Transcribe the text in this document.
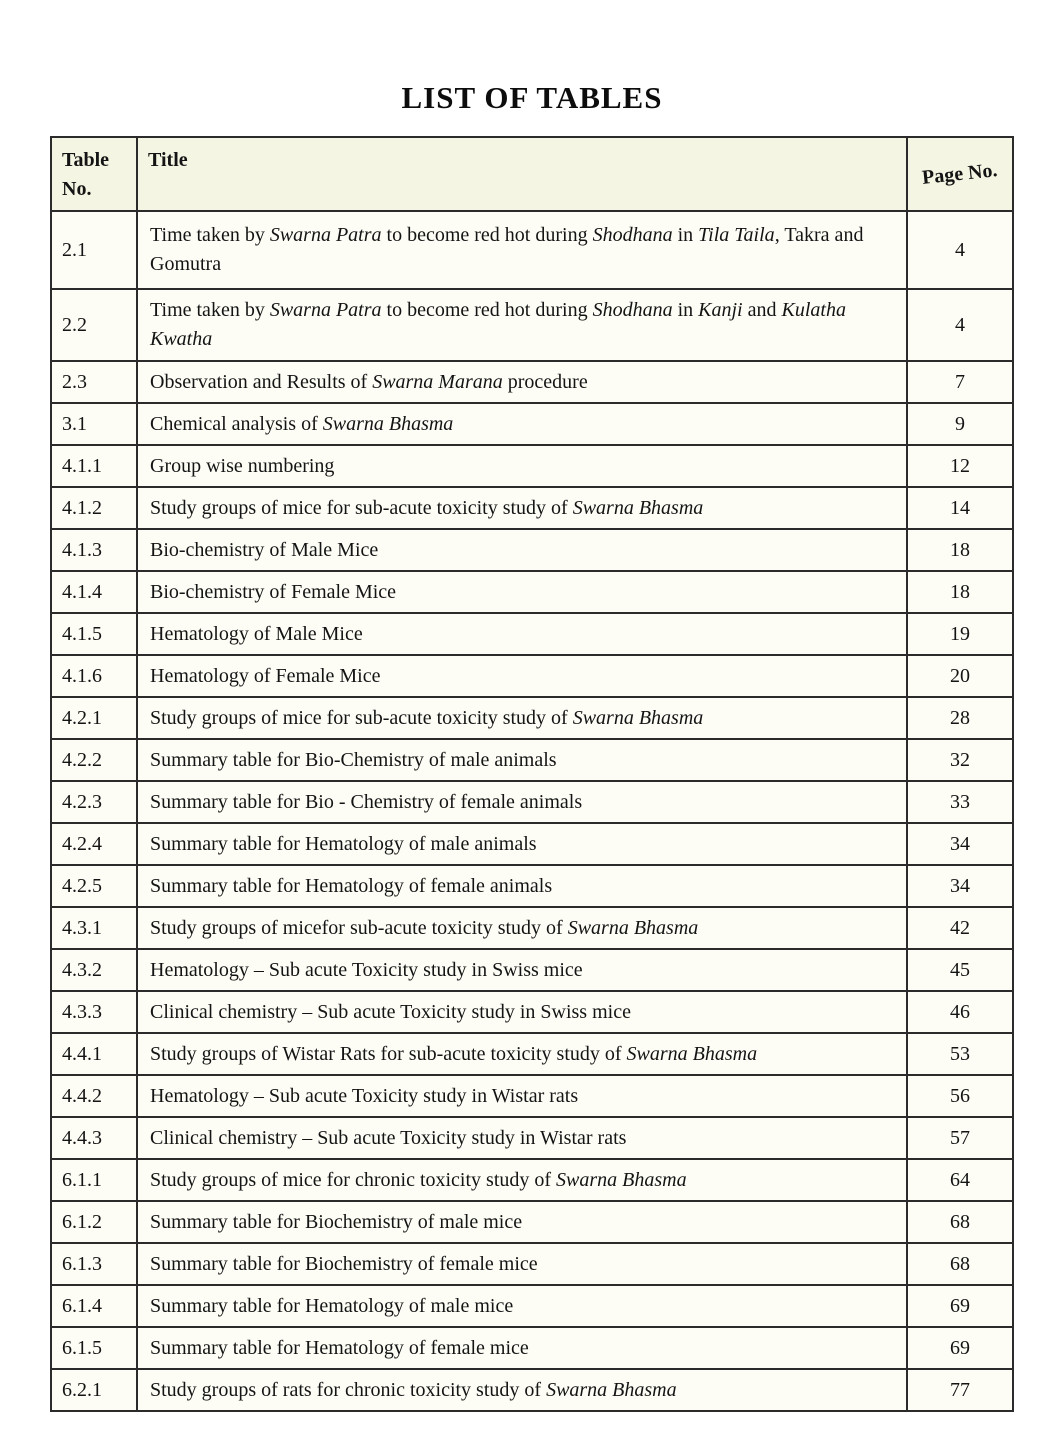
LIST OF TABLES
Table No.	Title	Page No.
2.1	Time taken by Swarna Patra to become red hot during Shodhana in Tila Taila, Takra and Gomutra	4
2.2	Time taken by Swarna Patra to become red hot during Shodhana in Kanji and Kulatha Kwatha	4
2.3	Observation and Results of Swarna Marana procedure	7
3.1	Chemical analysis of Swarna Bhasma	9
4.1.1	Group wise numbering	12
4.1.2	Study groups of mice for sub-acute toxicity study of Swarna Bhasma	14
4.1.3	Bio-chemistry of Male Mice	18
4.1.4	Bio-chemistry of Female Mice	18
4.1.5	Hematology of Male Mice	19
4.1.6	Hematology of Female Mice	20
4.2.1	Study groups of mice for sub-acute toxicity study of Swarna Bhasma	28
4.2.2	Summary table for Bio-Chemistry of male animals	32
4.2.3	Summary table for Bio - Chemistry of female animals	33
4.2.4	Summary table for Hematology of male animals	34
4.2.5	Summary table for Hematology of female animals	34
4.3.1	Study groups of micefor sub-acute toxicity study of Swarna Bhasma	42
4.3.2	Hematology – Sub acute Toxicity study in Swiss mice	45
4.3.3	Clinical chemistry – Sub acute Toxicity study in Swiss mice	46
4.4.1	Study groups of Wistar Rats for sub-acute toxicity study of Swarna Bhasma	53
4.4.2	Hematology – Sub acute Toxicity study in Wistar rats	56
4.4.3	Clinical chemistry – Sub acute Toxicity study in Wistar rats	57
6.1.1	Study groups of mice for chronic toxicity study of Swarna Bhasma	64
6.1.2	Summary table for Biochemistry of male mice	68
6.1.3	Summary table for Biochemistry of female mice	68
6.1.4	Summary table for Hematology of male mice	69
6.1.5	Summary table for Hematology of female mice	69
6.2.1	Study groups of rats for chronic toxicity study of Swarna Bhasma	77
